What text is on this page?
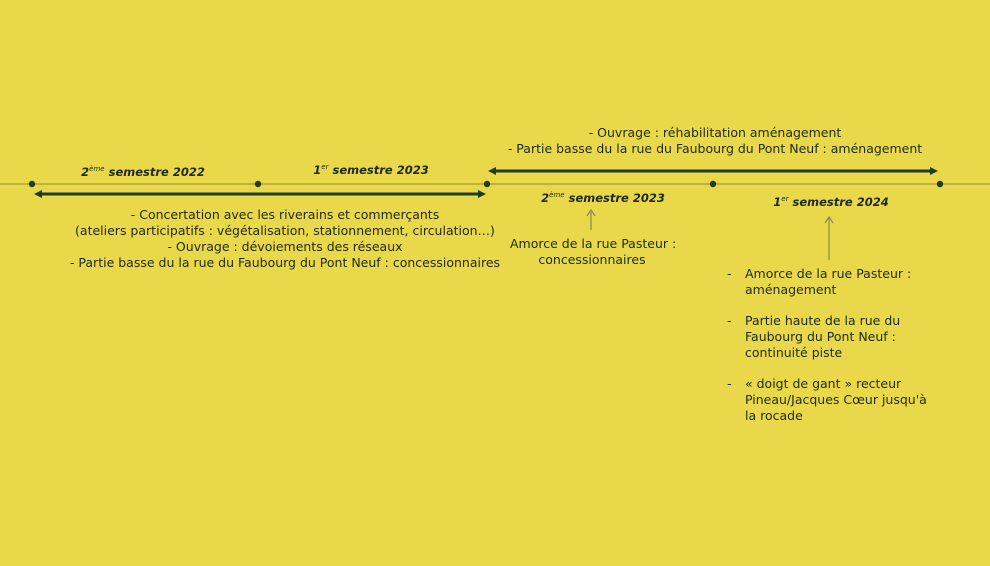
2ème semestre 2022	1er semestre 2023
2ème semestre 2023	1er semestre 2024
- Concertation avec les riverains et commerçants
(ateliers participatifs : végétalisation, stationnement, circulation…)
- Ouvrage : dévoiements des réseaux
- Partie basse du la rue du Faubourg du Pont Neuf : concessionnaires
- Ouvrage : réhabilitation aménagement
- Partie basse du la rue du Faubourg du Pont Neuf : aménagement
Amorce de la rue Pasteur :
concessionnaires
-	Amorce de la rue Pasteur : aménagement
-	Partie haute de la rue du Faubourg du Pont Neuf : continuité piste
-	« doigt de gant » recteur Pineau/Jacques Cœur jusqu'à la rocade
